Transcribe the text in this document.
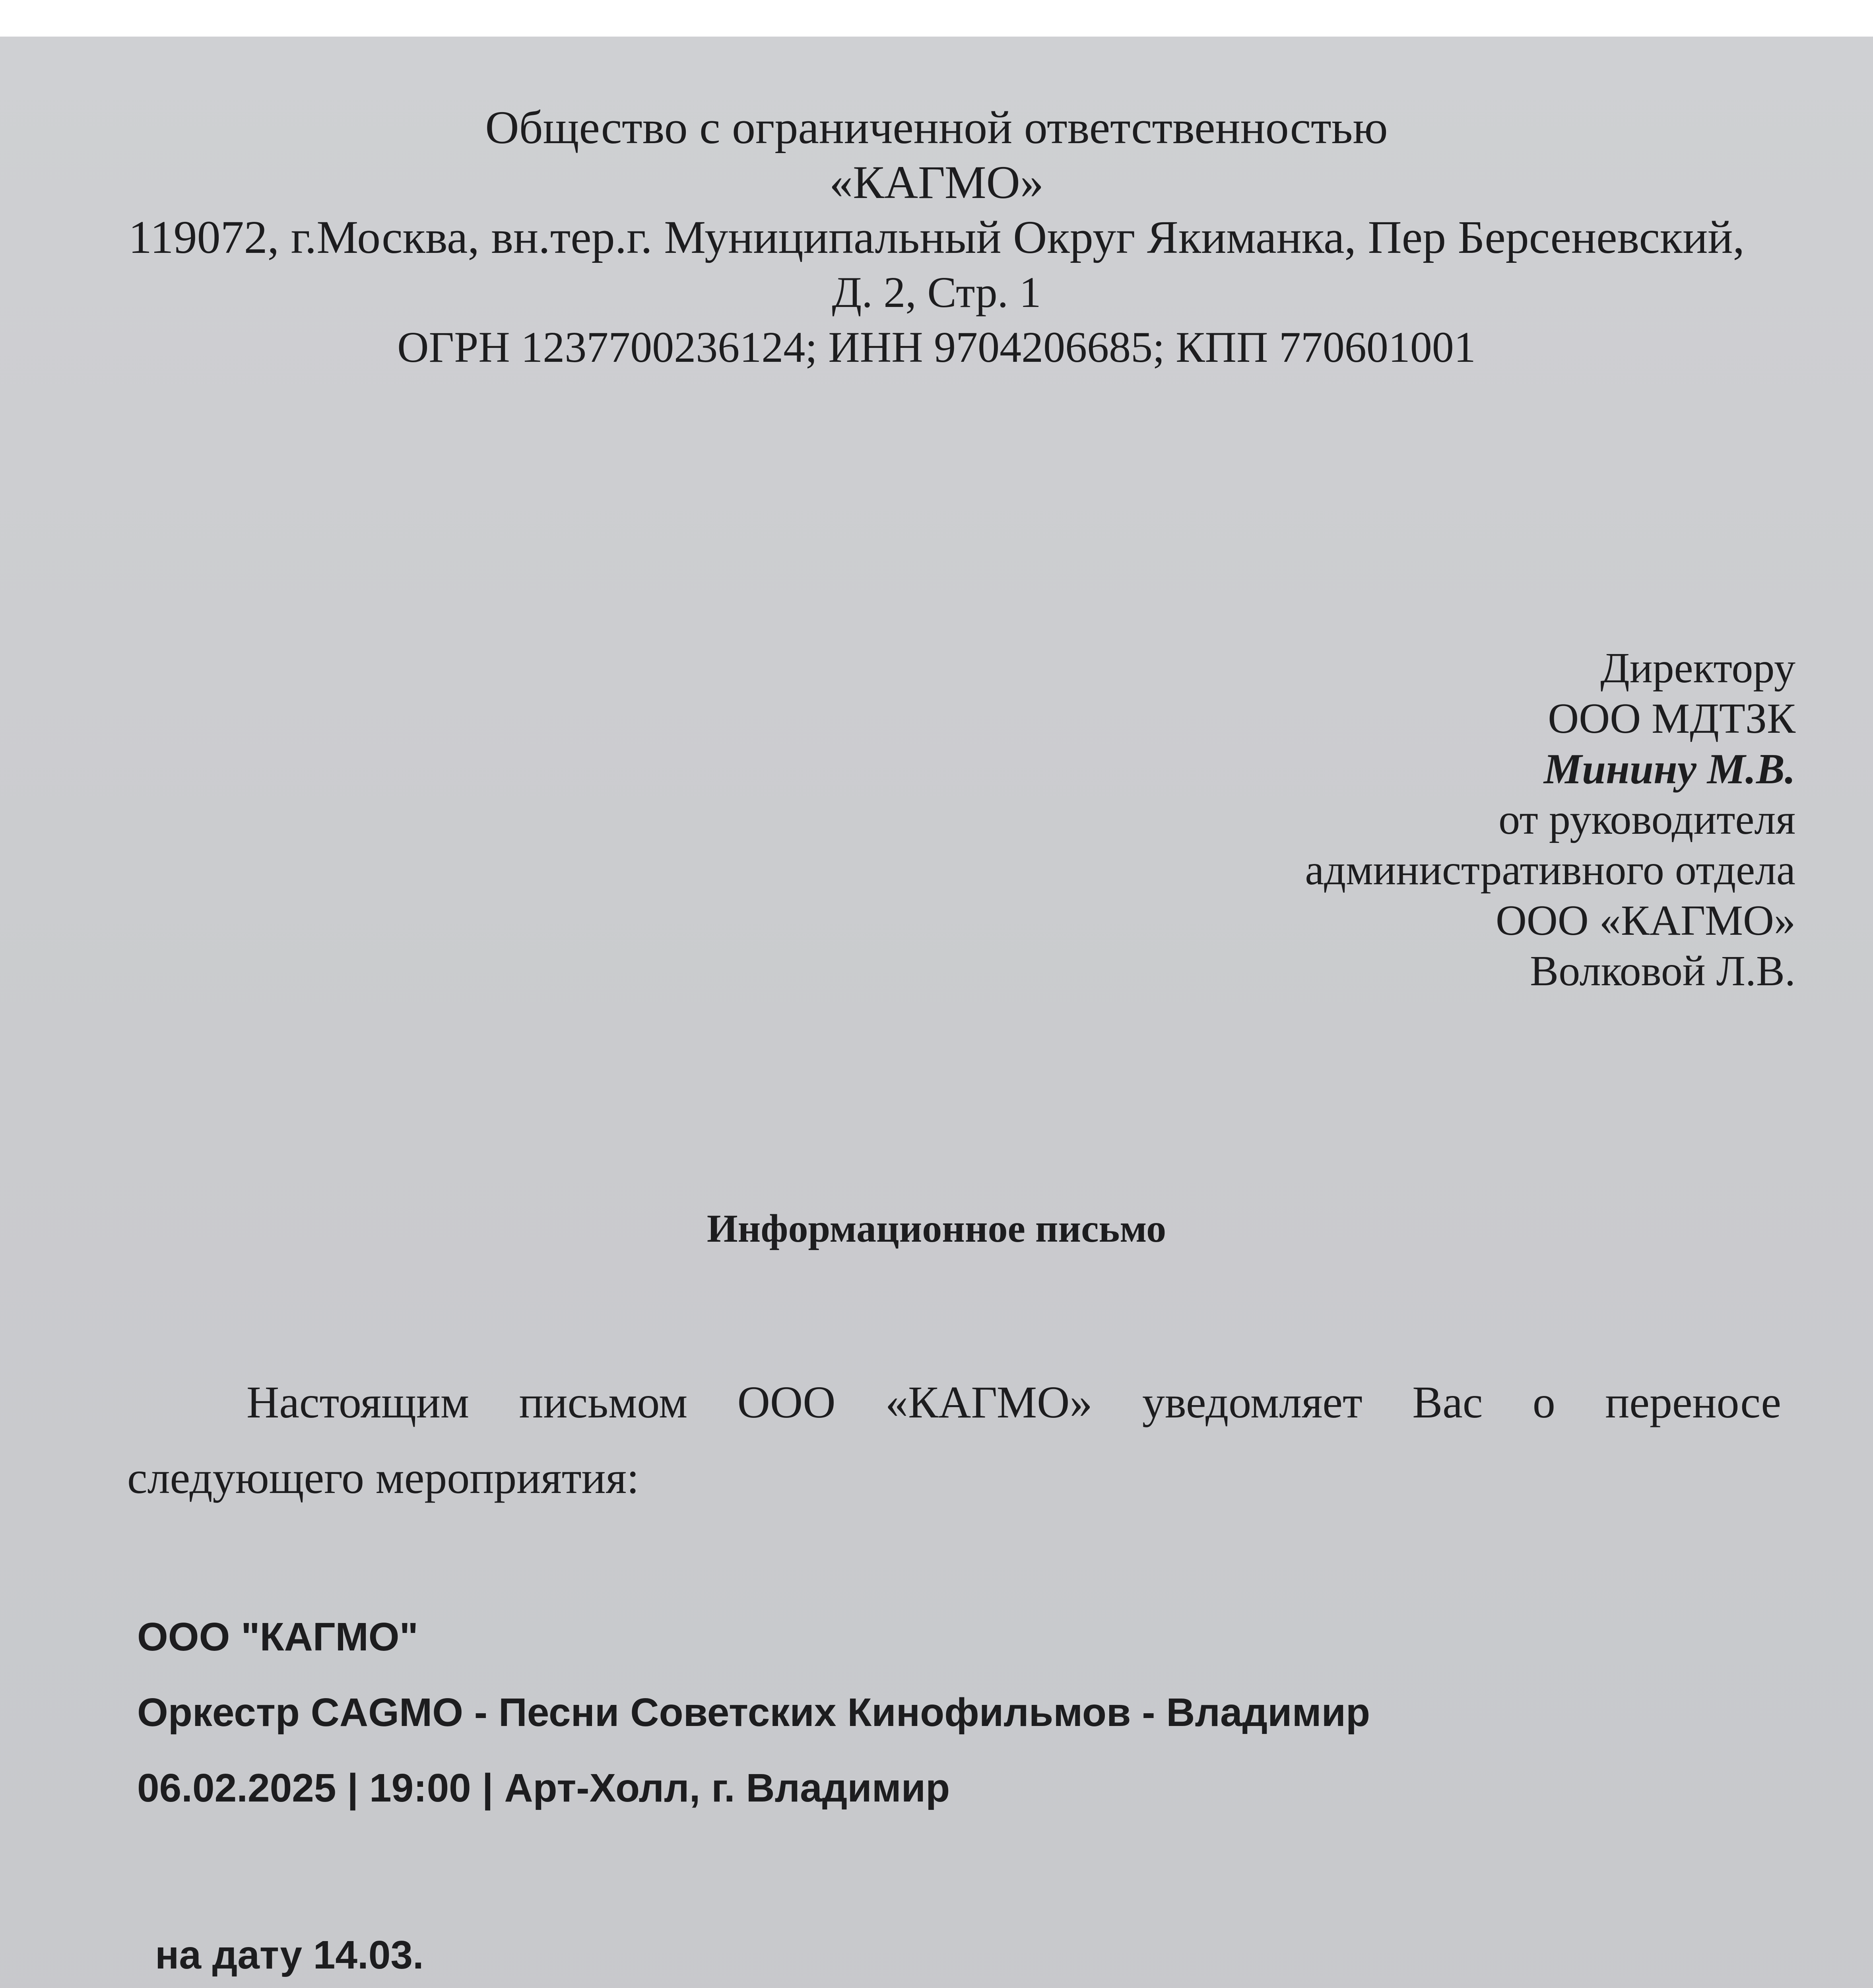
Общество с ограниченной ответственностью
«КАГМО»
119072, г.Москва, вн.тер.г. Муниципальный Округ Якиманка, Пер Берсеневский,
Д. 2, Стр. 1
ОГРН 1237700236124; ИНН 9704206685; КПП 770601001
Директору
ООО МДТЗК
Минину М.В.
от руководителя
административного отдела
ООО «КАГМО»
Волковой Л.В.
Информационное письмо
Настоящим письмом ООО «КАГМО» уведомляет Вас о переносе
следующего мероприятия:
ООО "КАГМО"
Оркестр CAGMO - Песни Советских Кинофильмов - Владимир
06.02.2025 | 19:00 | Арт-Холл, г. Владимир
на дату 14.03.
